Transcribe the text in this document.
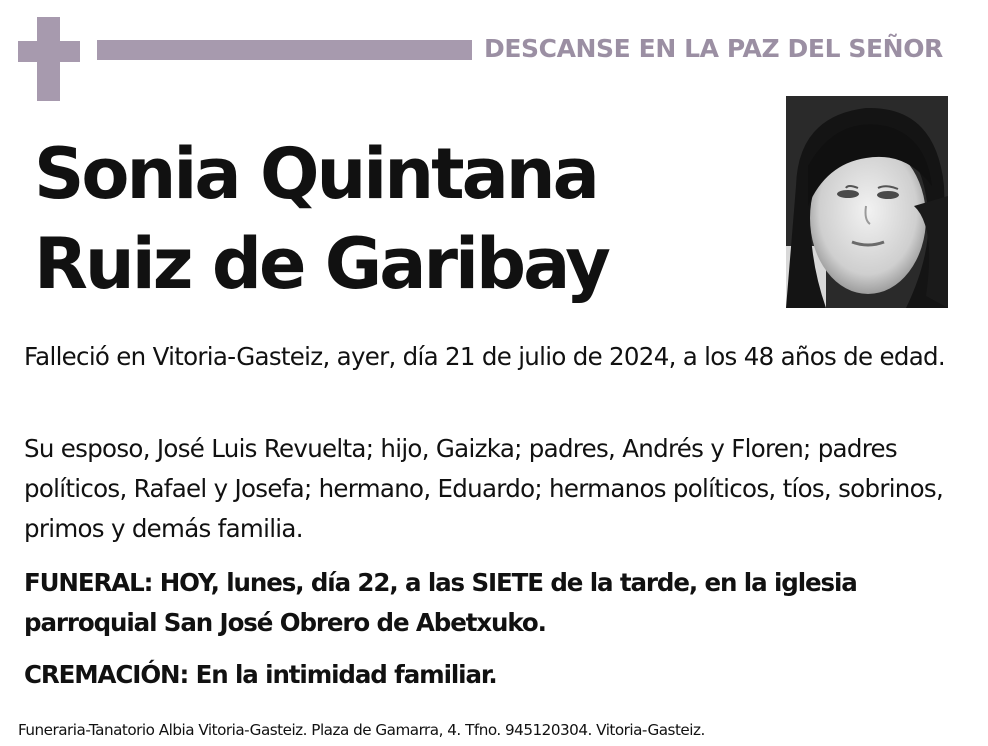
DESCANSE EN LA PAZ DEL SEÑOR
Sonia Quintana
Ruiz de Garibay
Falleció en Vitoria-Gasteiz, ayer, día 21 de julio de 2024, a los 48 años de edad.
Su esposo, José Luis Revuelta; hijo, Gaizka; padres, Andrés y Floren; padres políticos, Rafael y Josefa; hermano, Eduardo; hermanos políticos, tíos, sobrinos, primos y demás familia.
FUNERAL: HOY, lunes, día 22, a las SIETE de la tarde, en la iglesia parroquial San José Obrero de Abetxuko.
CREMACIÓN: En la intimidad familiar.
Funeraria-Tanatorio Albia Vitoria-Gasteiz. Plaza de Gamarra, 4. Tfno. 945120304. Vitoria-Gasteiz.
